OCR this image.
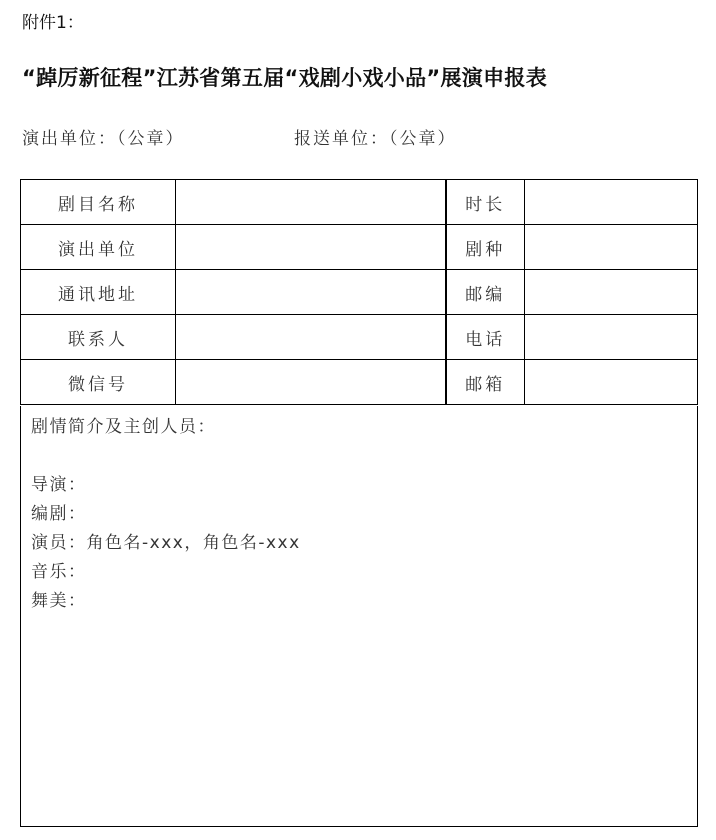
附件1：
“踔厉新征程”江苏省第五届“戏剧小戏小品”展演申报表
演出单位：（公章）	报送单位：（公章）
剧目名称		时长	
演出单位		剧种	
通讯地址		邮编	
联系人		电话	
微信号		邮箱	
剧情简介及主创人员：
导演：
编剧：
演员：角色名-xxx，角色名-xxx
音乐：
舞美：
